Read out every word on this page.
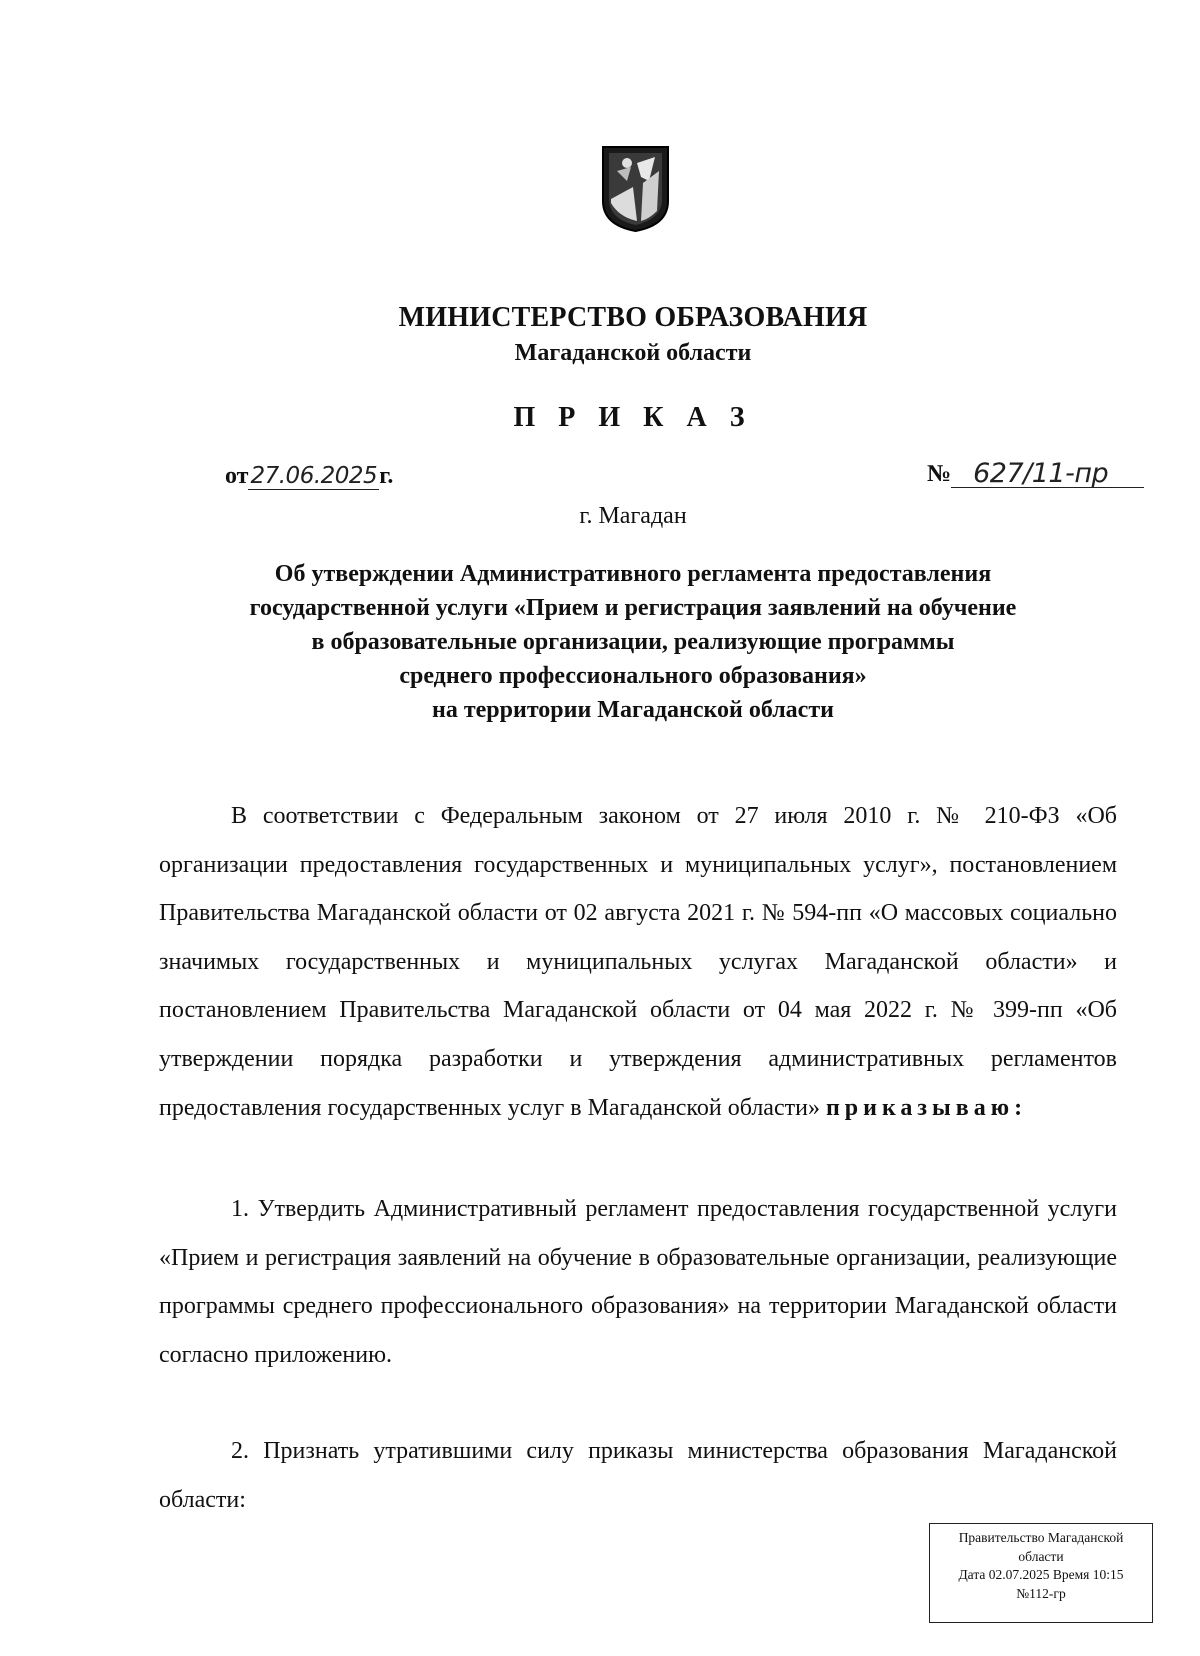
МИНИСТЕРСТВО ОБРАЗОВАНИЯ
Магаданской области
П Р И К А З
от 27.06.2025 г.	№ 627/11-пр
г. Магадан
Об утверждении Административного регламента предоставления
государственной услуги «Прием и регистрация заявлений на обучение
в образовательные организации, реализующие программы
среднего профессионального образования»
на территории Магаданской области
В соответствии с Федеральным законом от 27 июля 2010 г. № 210-ФЗ «Об организации предоставления государственных и муниципальных услуг», постановлением Правительства Магаданской области от 02 августа 2021 г. № 594-пп «О массовых социально значимых государственных и муниципальных услугах Магаданской области» и постановлением Правительства Магаданской области от 04 мая 2022 г. № 399-пп «Об утверждении порядка разработки и утверждения административных регламентов предоставления государственных услуг в Магаданской области» приказываю:
1. Утвердить Административный регламент предоставления государственной услуги «Прием и регистрация заявлений на обучение в образовательные организации, реализующие программы среднего профессионального образования» на территории Магаданской области согласно приложению.
2. Признать утратившими силу приказы министерства образования Магаданской области:
Правительство Магаданской
области
Дата 02.07.2025 Время 10:15
№112-гр
